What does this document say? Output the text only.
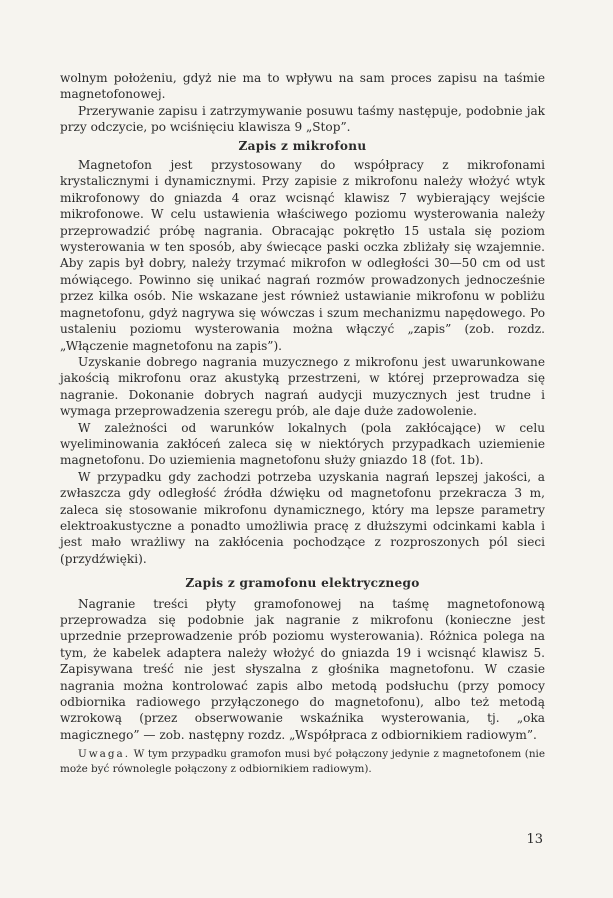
wolnym położeniu, gdyż nie ma to wpływu na sam proces zapisu na taśmie magnetofonowej.

Przerywanie zapisu i zatrzymywanie posuwu taśmy następuje, podobnie jak przy odczycie, po wciśnięciu klawisza 9 „Stop”.

Zapis z mikrofonu

Magnetofon jest przystosowany do współpracy z mikrofonami krystalicznymi i dynamicznymi. Przy zapisie z mikrofonu należy włożyć wtyk mikrofonowy do gniazda 4 oraz wcisnąć klawisz 7 wybierający wejście mikrofonowe. W celu ustawienia właściwego poziomu wysterowania należy przeprowadzić próbę nagrania. Obracając pokrętło 15 ustala się poziom wysterowania w ten sposób, aby świecące paski oczka zbliżały się wzajemnie. Aby zapis był dobry, należy trzymać mikrofon w odległości 30—50 cm od ust mówiącego. Powinno się unikać nagrań rozmów prowadzonych jednocześnie przez kilka osób. Nie wskazane jest również ustawianie mikrofonu w pobliżu magnetofonu, gdyż nagrywa się wówczas i szum mechanizmu napędowego. Po ustaleniu poziomu wysterowania można włączyć „zapis” (zob. rozdz. „Włączenie magnetofonu na zapis”).

Uzyskanie dobrego nagrania muzycznego z mikrofonu jest uwarunkowane jakością mikrofonu oraz akustyką przestrzeni, w której przeprowadza się nagranie. Dokonanie dobrych nagrań audycji muzycznych jest trudne i wymaga przeprowadzenia szeregu prób, ale daje duże zadowolenie.

W zależności od warunków lokalnych (pola zakłócające) w celu wyeliminowania zakłóceń zaleca się w niektórych przypadkach uziemienie magnetofonu. Do uziemienia magnetofonu służy gniazdo 18 (fot. 1b).

W przypadku gdy zachodzi potrzeba uzyskania nagrań lepszej jakości, a zwłaszcza gdy odległość źródła dźwięku od magnetofonu przekracza 3 m, zaleca się stosowanie mikrofonu dynamicznego, który ma lepsze parametry elektroakustyczne a ponadto umożliwia pracę z dłuższymi odcinkami kabla i jest mało wrażliwy na zakłócenia pochodzące z rozproszonych pól sieci (przydźwięki).

Zapis z gramofonu elektrycznego

Nagranie treści płyty gramofonowej na taśmę magnetofonową przeprowadza się podobnie jak nagranie z mikrofonu (konieczne jest uprzednie przeprowadzenie prób poziomu wysterowania). Różnica polega na tym, że kabelek adaptera należy włożyć do gniazda 19 i wcisnąć klawisz 5. Zapisywana treść nie jest słyszalna z głośnika magnetofonu. W czasie nagrania można kontrolować zapis albo metodą podsłuchu (przy pomocy odbiornika radiowego przyłączonego do magnetofonu), albo też metodą wzrokową (przez obserwowanie wskaźnika wysterowania, tj. „oka magicznego” — zob. następny rozdz. „Współpraca z odbiornikiem radiowym”.

Uwaga. W tym przypadku gramofon musi być połączony jedynie z magnetofonem (nie może być równolegle połączony z odbiornikiem radiowym).

13
